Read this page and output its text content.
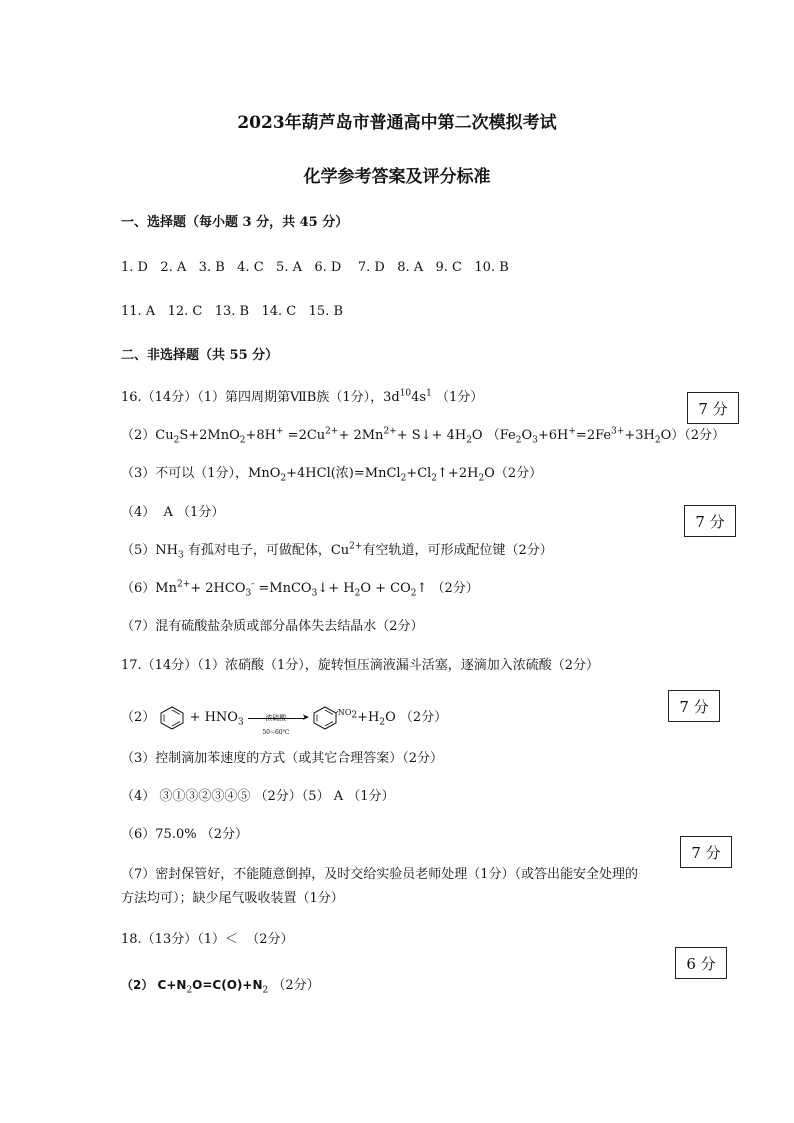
2023年葫芦岛市普通高中第二次模拟考试
化学参考答案及评分标准
一、选择题（每小题 3 分，共 45 分）
1. D   2. A   3. B   4. C   5. A   6. D    7. D   8. A   9. C   10. B
11. A   12. C   13. B   14. C   15. B
二、非选择题（共 55 分）
16.（14分）（1）第四周期第ⅦB族（1分），$3d^{10}4s^1$ （1分）
$(2)Cu_2S+2MnO_2+8H^+ =2Cu^{2+}+ 2Mn^{2+}+$ S↓+ $4H_2O$ $(Fe_2O_3+6H^+=2Fe^{3+}+3H_2O)(2$分）
（3）不可以（1分），MnO$_2$+4HCl(浓)$=MnCl_2+Cl_2↑+2H_2O(2$分）
（4）  A （1分）
$(5)NH_3$ 有孤对电子，可做配体，$Cu^{2+}$有空轨道，可形成配位键（2分）
$(6)Mn^{2+}+ 2HCO_3^-$ =MnCO$_3$↓+ $H_2O$ + $CO_2↑$ （2分）
（7）混有硫酸盐杂质或部分晶体失去结晶水（2分）
17.（14分）（1）浓硝酸（1分），旋转恒压滴液漏斗活塞，逐滴加入浓硫酸（2分）
$(2) + HNO_3$
浓硫酸	➤
50~60℃
$^{NO_2}+H_2O$ （2分）
（3）控制滴加苯速度的方式（或其它合理答案）（2分）
（4） ③①③②③④⑤ （2分）（5） A （1分）
（6）75.0% （2分）
（7）密封保管好，不能随意倒掉，及时交给实验员老师处理（1分）（或答出能安全处理的
方法均可）；缺少尾气吸收装置（1分）
18.（13分）（1）＜  （2分）
（2） $C+N_2O=C(O)+N_2$ （2分）
7 分
7 分
7 分
7 分
6 分
